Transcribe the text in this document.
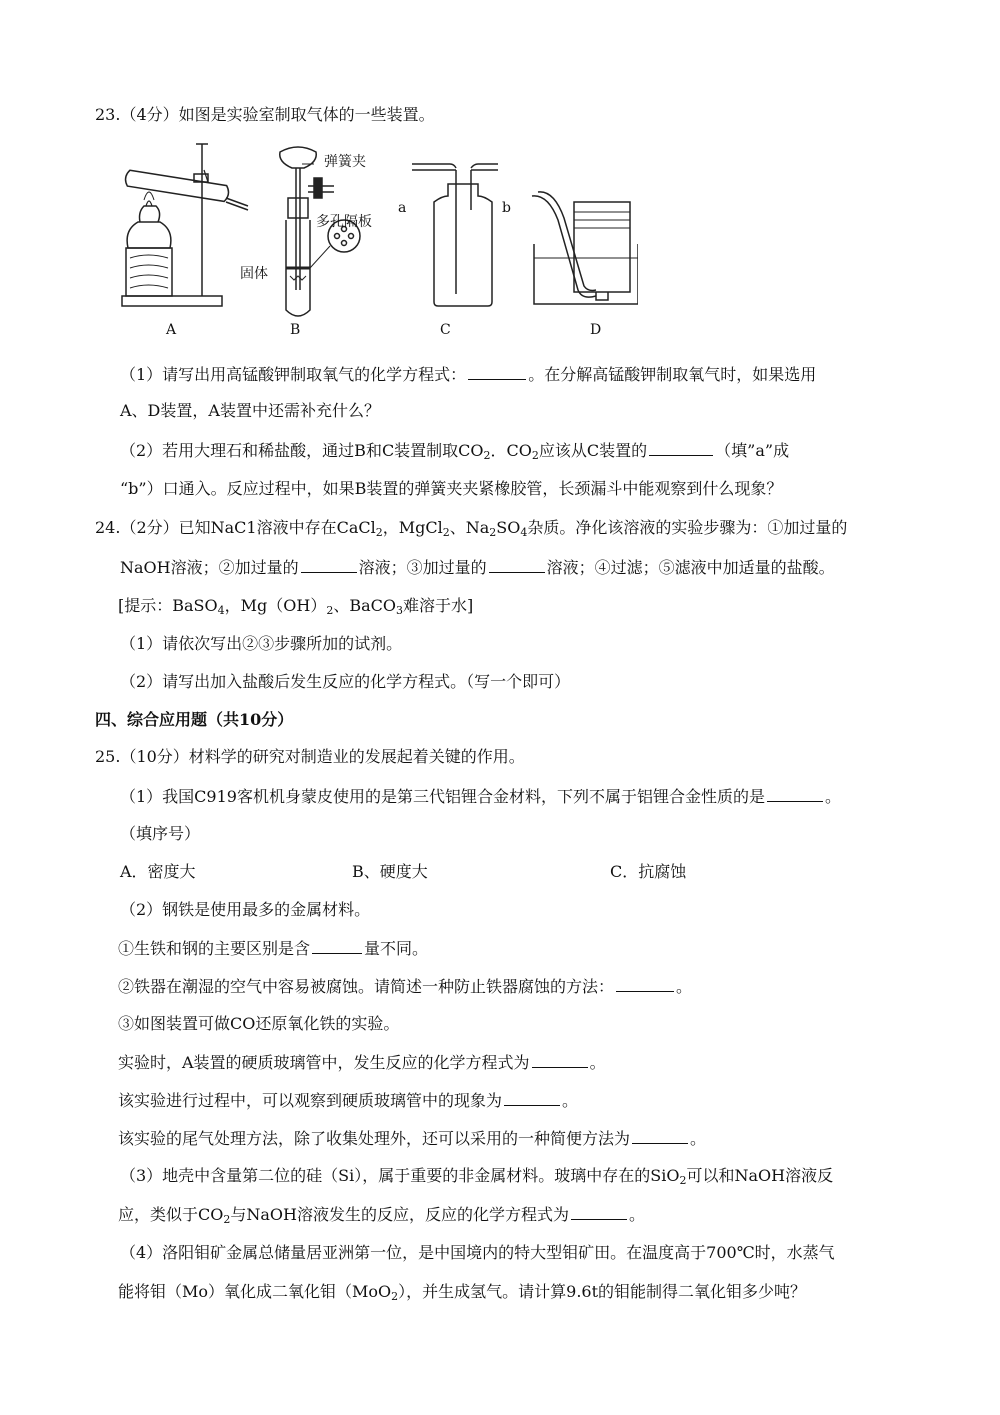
23.（4分）如图是实验室制取气体的一些装置。
弹簧夹
多孔隔板
固体
a	b
A	B	C	D
（1）请写出用高锰酸钾制取氧气的化学方程式：	。在分解高锰酸钾制取氧气时，如果选用
A、D装置，A装置中还需补充什么？
（2）若用大理石和稀盐酸，通过B和C装置制取$CO_2$．$CO_2$应该从C装置的	（填”a”成
“b”）口通入。反应过程中，如果B装置的弹簧夹夹紧橡胶管，长颈漏斗中能观察到什么现象？
24.（2分）已知NaC1溶液中存在CaCl$_2$，MgCl$_2$、$Na_2SO_4$杂质。净化该溶液的实验步骤为：①加过量的
NaOH溶液；②加过量的	溶液；③加过量的	溶液；④过滤；⑤滤液中加适量的盐酸。
[提示：BaSO$_4$，$Mg(OH)_2$、BaCO$_3$难溶于水]
（1）请依次写出②③步骤所加的试剂。
（2）请写出加入盐酸后发生反应的化学方程式。（写一个即可）
四、综合应用题（共10分）
25.（10分）材料学的研究对制造业的发展起着关键的作用。
（1）我国C919客机机身蒙皮使用的是第三代铝锂合金材料，下列不属于铝锂合金性质的是	。
（填序号）
A．密度大	B、硬度大	C．抗腐蚀
（2）钢铁是使用最多的金属材料。
①生铁和钢的主要区别是含	量不同。
②铁器在潮湿的空气中容易被腐蚀。请简述一种防止铁器腐蚀的方法：	。
③如图装置可做CO还原氧化铁的实验。
实验时，A装置的硬质玻璃管中，发生反应的化学方程式为	。
该实验进行过程中，可以观察到硬质玻璃管中的现象为	。
该实验的尾气处理方法，除了收集处理外，还可以采用的一种简便方法为	。
（3）地壳中含量第二位的硅（Si），属于重要的非金属材料。玻璃中存在的SiO$_2$可以和NaOH溶液反
应，类似于$CO_2$与NaOH溶液发生的反应，反应的化学方程式为	。
（4）洛阳钼矿金属总储量居亚洲第一位，是中国境内的特大型钼矿田。在温度高于700℃时，水蒸气
能将钼（Mo）氧化成二氧化钼（MoO$_2$），并生成氢气。请计算9.6t的钼能制得二氧化钼多少吨？
